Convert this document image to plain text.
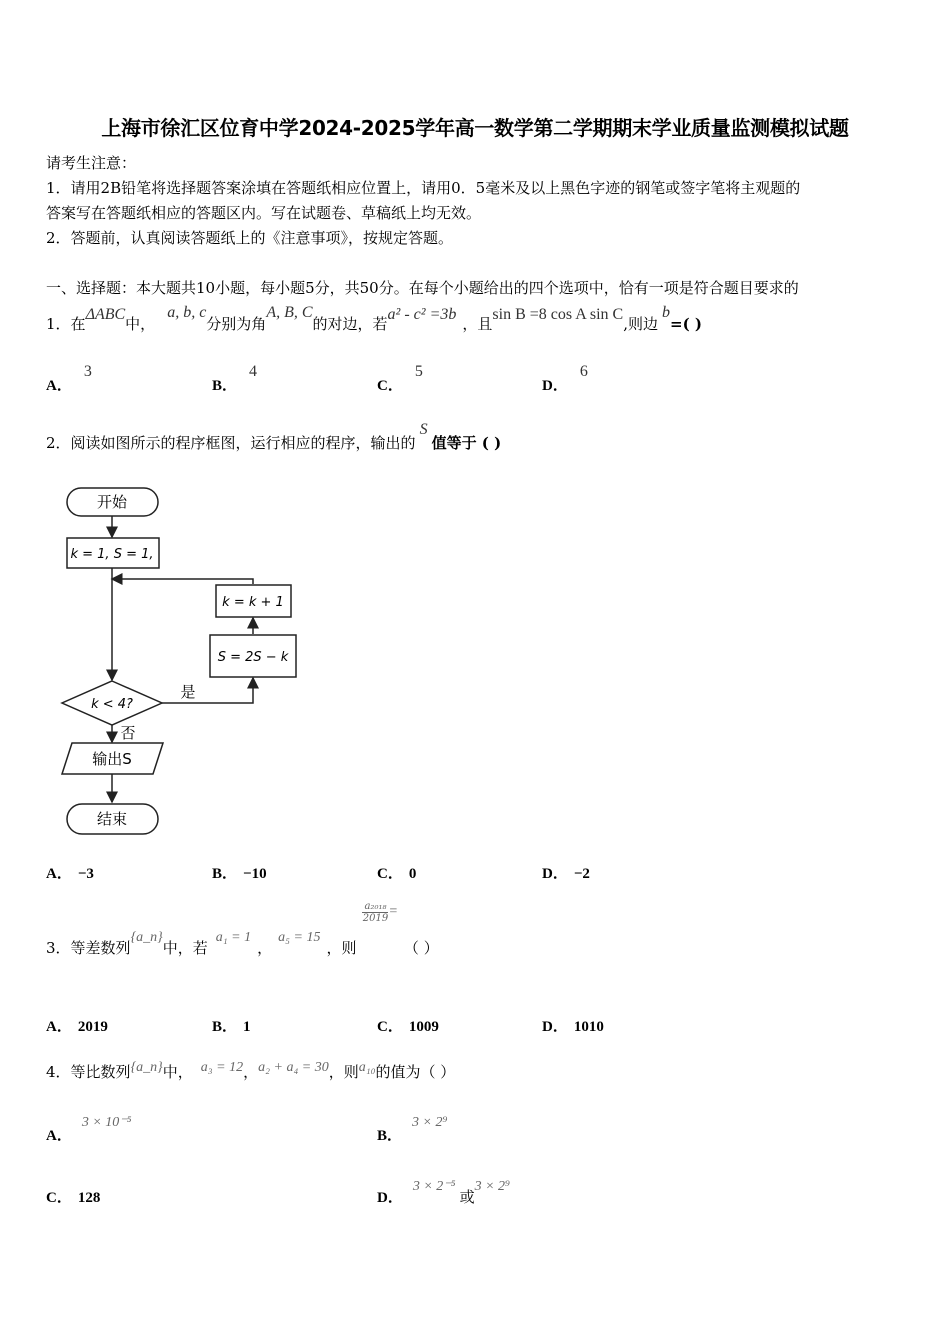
上海市徐汇区位育中学2024-2025学年高一数学第二学期期末学业质量监测模拟试题
请考生注意：
1．请用2B铅笔将选择题答案涂填在答题纸相应位置上，请用0．5毫米及以上黑色字迹的钢笔或签字笔将主观题的
答案写在答题纸相应的答题区内。写在试题卷、草稿纸上均无效。
2．答题前，认真阅读答题纸上的《注意事项》，按规定答题。
一、选择题：本大题共10小题，每小题5分，共50分。在每个小题给出的四个选项中，恰有一项是符合题目要求的
1．在ΔABC中，a, b, c分别为角A, B, C的对边，若a² - c² =3b，且sin B =8 cos A sin C,则边b=( )
A．3
B．4
C．5
D．6
2．阅读如图所示的程序框图，运行相应的程序，输出的S值等于 ( )
开始
k = 1, S = 1,
k = k + 1
S = 2S − k
k < 4?
是
否
输出S
结束
A． −3	B． −10	C． 0	D． −2
3．等差数列{a_n}中，若a₁ = 1，a₅ = 15，则
$\frac{\text{a₂₀₁₈}}{2019}$ =（ ）
A． 2019	B． 1	C． 1009	D． 1010
4．等比数列{a_n}中， a₃ = 12，a₂ + a₄ = 30，则a₁₀的值为（ ）
A．3 × 10⁻⁵
B．3 × 2⁹
C． 128	D．3 × 2⁻⁵或3 × 2⁹
